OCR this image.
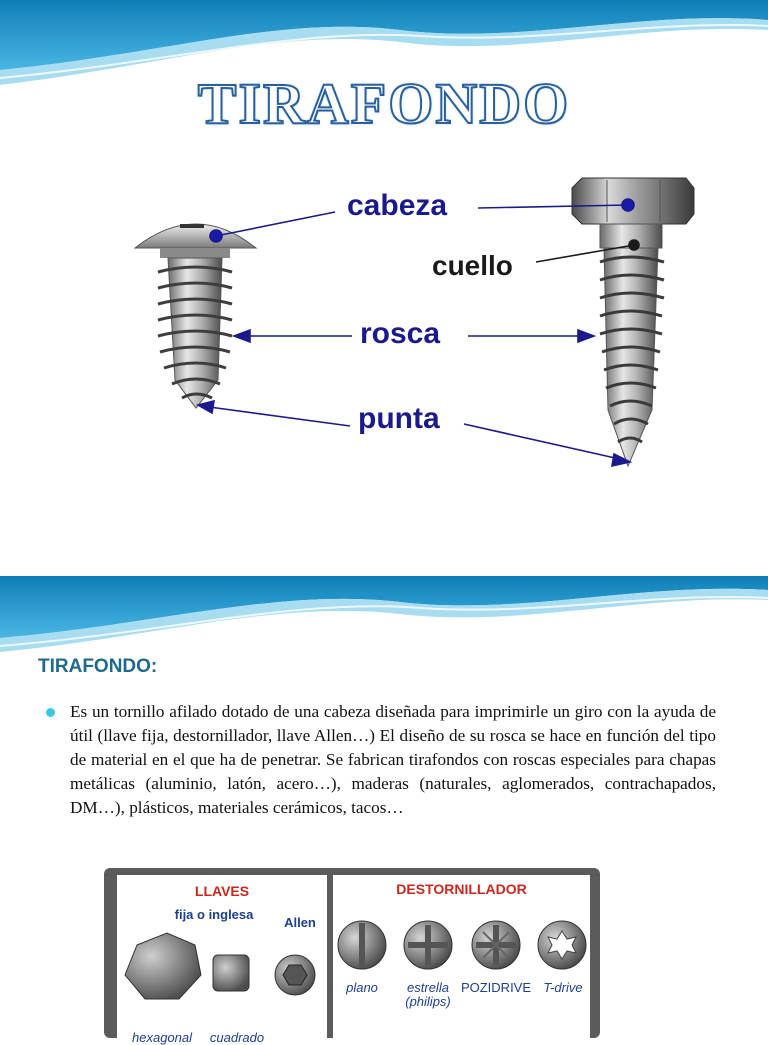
TIRAFONDO
cabeza
cuello
rosca
punta
TIRAFONDO:
Es un tornillo afilado dotado de una cabeza diseñada para imprimirle un giro con la ayuda de útil (llave fija, destornillador, llave Allen…) El diseño de su rosca se hace en función del tipo de material en el que ha de penetrar. Se fabrican tirafondos con roscas especiales para chapas metálicas (aluminio, latón, acero…), maderas (naturales, aglomerados, contrachapados, DM…), plásticos, materiales cerámicos, tacos…
LLAVES
fija o inglesa
Allen
hexagonal	cuadrado
DESTORNILLADOR
plano	estrella
(philips)
POZIDRIVE T-drive
